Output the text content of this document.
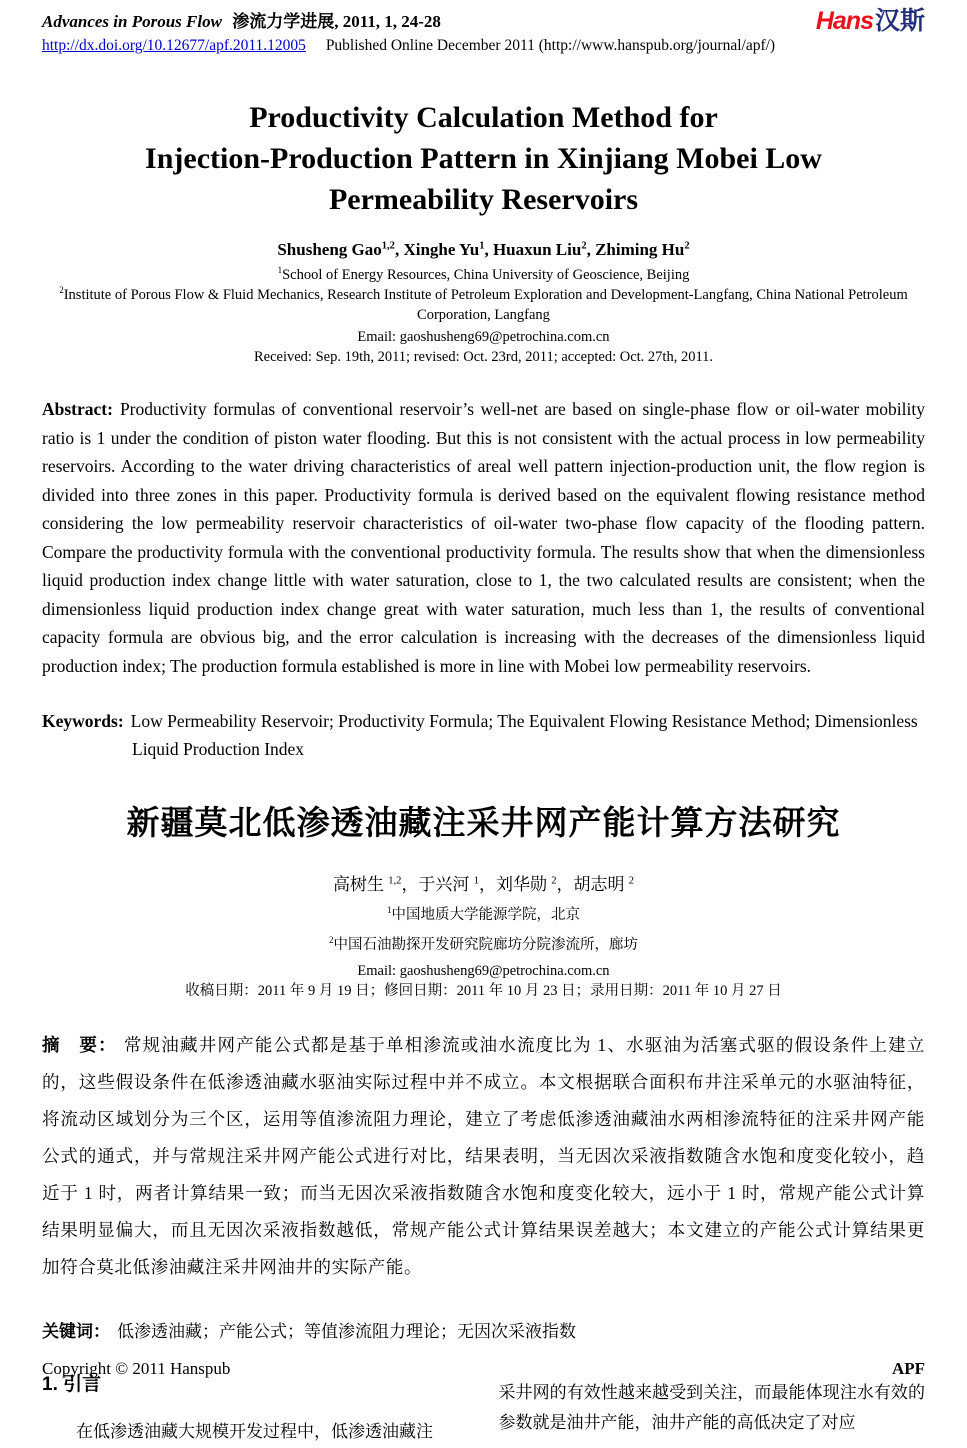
Advances in Porous Flow 渗流力学进展, 2011, 1, 24-28
http://dx.doi.org/10.12677/apf.2011.12005 Published Online December 2011 (http://www.hanspub.org/journal/apf/)
Hans汉斯
Productivity Calculation Method for
Injection-Production Pattern in Xinjiang Mobei Low
Permeability Reservoirs
Shusheng Gao$^{1,2}$, Xinghe Yu$^1$, Huaxun Liu$^2$, Zhiming Hu$^2$
$^1$School of Energy Resources, China University of Geoscience, Beijing
$^2$Institute of Porous Flow & Fluid Mechanics, Research Institute of Petroleum Exploration and Development-Langfang, China National Petroleum Corporation, Langfang
Email: gaoshusheng69@petrochina.com.cn
Received: Sep. 19th, 2011; revised: Oct. 23rd, 2011; accepted: Oct. 27th, 2011.

Abstract: Productivity formulas of conventional reservoir’s well-net are based on single-phase flow or oil-water mobility ratio is 1 under the condition of piston water flooding. But this is not consistent with the actual process in low permeability reservoirs. According to the water driving characteristics of areal well pattern injection-production unit, the flow region is divided into three zones in this paper. Productivity formula is derived based on the equivalent flowing resistance method considering the low permeability reservoir characteristics of oil-water two-phase flow capacity of the flooding pattern. Compare the productivity formula with the conventional productivity formula. The results show that when the dimensionless liquid production index change little with water saturation, close to 1, the two calculated results are consistent; when the dimensionless liquid production index change great with water saturation, much less than 1, the results of conventional capacity formula are obvious big, and the error calculation is increasing with the decreases of the dimensionless liquid production index; The production formula established is more in line with Mobei low permeability reservoirs.

Keywords: Low Permeability Reservoir; Productivity Formula; The Equivalent Flowing Resistance Method; Dimensionless Liquid Production Index

新疆莫北低渗透油藏注采井网产能计算方法研究
高树生 $^{1,2}$，于兴河 $^1$，刘华勋 $^2$，胡志明 $^2$
$^1$中国地质大学能源学院，北京
$^2$中国石油勘探开发研究院廊坊分院渗流所，廊坊
Email: gaoshusheng69@petrochina.com.cn
收稿日期：2011 年 9 月 19 日；修回日期：2011 年 10 月 23 日；录用日期：2011 年 10 月 27 日

摘　要： 常规油藏井网产能公式都是基于单相渗流或油水流度比为 1、水驱油为活塞式驱的假设条件上建立的，这些假设条件在低渗透油藏水驱油实际过程中并不成立。本文根据联合面积布井注采单元的水驱油特征，将流动区域划分为三个区，运用等值渗流阻力理论，建立了考虑低渗透油藏油水两相渗流特征的注采井网产能公式的通式，并与常规注采井网产能公式进行对比，结果表明，当无因次采液指数随含水饱和度变化较小，趋近于 1 时，两者计算结果一致；而当无因次采液指数随含水饱和度变化较大，远小于 1 时，常规产能公式计算结果明显偏大，而且无因次采液指数越低，常规产能公式计算结果误差越大；本文建立的产能公式计算结果更加符合莫北低渗油藏注采井网油井的实际产能。

关键词： 低渗透油藏；产能公式；等值渗流阻力理论；无因次采液指数

1. 引言

在低渗透油藏大规模开发过程中，低渗透油藏注

采井网的有效性越来越受到关注，而最能体现注水有效的参数就是油井产能，油井产能的高低决定了对应

Copyright © 2011 Hanspub	APF
